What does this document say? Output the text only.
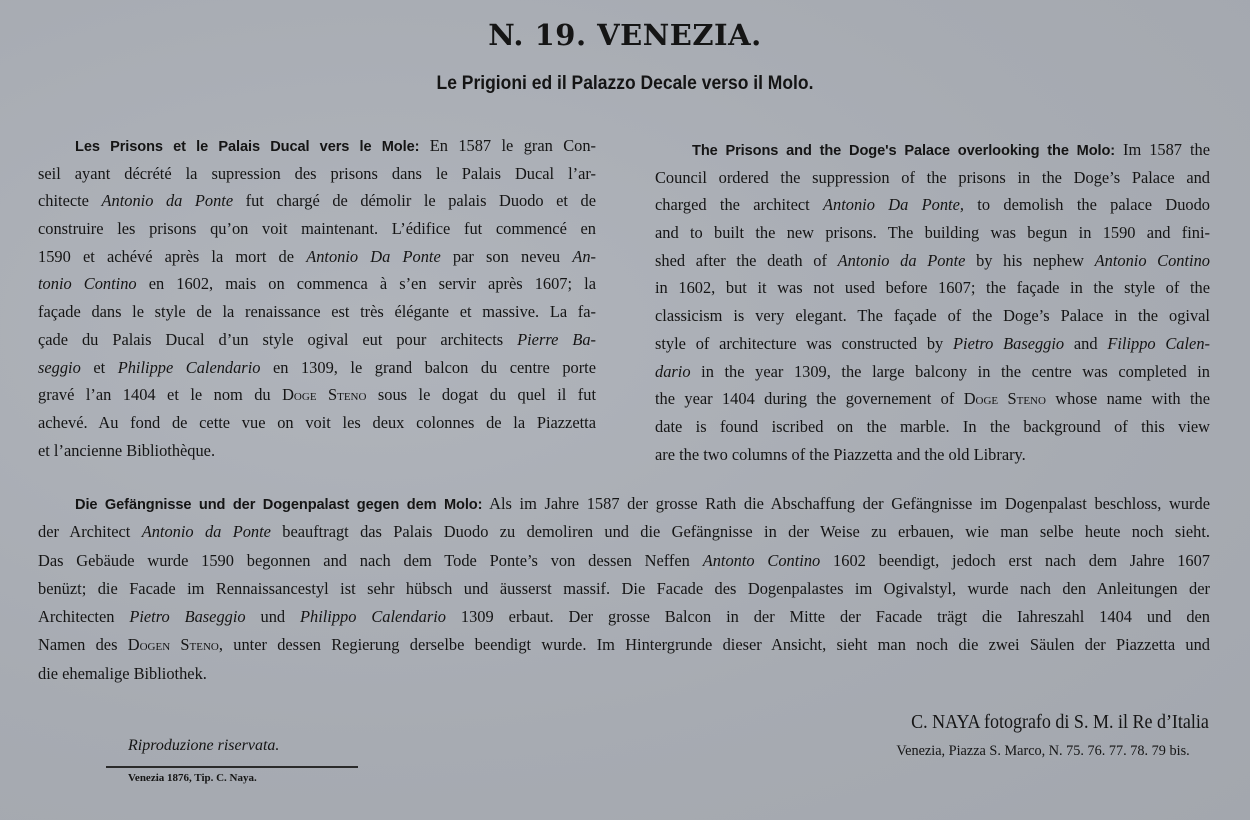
N. 19. VENEZIA.
Le Prigioni ed il Palazzo Decale verso il Molo.
Les Prisons et le Palais Ducal vers le Mole: En 1587 le gran Con-
seil ayant décrété la supression des prisons dans le Palais Ducal l’ar-
chitecte Antonio da Ponte fut chargé de démolir le palais Duodo et de
construire les prisons qu’on voit maintenant. L’édifice fut commencé en
1590 et achévé après la mort de Antonio Da Ponte par son neveu An-
tonio Contino en 1602, mais on commenca à s’en servir après 1607; la
façade dans le style de la renaissance est très élégante et massive. La fa-
çade du Palais Ducal d’un style ogival eut pour architects Pierre Ba-
seggio et Philippe Calendario en 1309, le grand balcon du centre porte
gravé l’an 1404 et le nom du Doge Steno sous le dogat du quel il fut
achevé. Au fond de cette vue on voit les deux colonnes de la Piazzetta
et l’ancienne Bibliothèque.
The Prisons and the Doge's Palace overlooking the Molo: Im 1587 the
Council ordered the suppression of the prisons in the Doge’s Palace and
charged the architect Antonio Da Ponte, to demolish the palace Duodo
and to built the new prisons. The building was begun in 1590 and fini-
shed after the death of Antonio da Ponte by his nephew Antonio Contino
in 1602, but it was not used before 1607; the façade in the style of the
classicism is very elegant. The façade of the Doge’s Palace in the ogival
style of architecture was constructed by Pietro Baseggio and Filippo Calen-
dario in the year 1309, the large balcony in the centre was completed in
the year 1404 during the governement of Doge Steno whose name with the
date is found iscribed on the marble. In the background of this view
are the two columns of the Piazzetta and the old Library.
Die Gefängnisse und der Dogenpalast gegen dem Molo: Als im Jahre 1587 der grosse Rath die Abschaffung der Gefängnisse im Dogenpalast beschloss, wurde
der Architect Antonio da Ponte beauftragt das Palais Duodo zu demoliren und die Gefängnisse in der Weise zu erbauen, wie man selbe heute noch sieht.
Das Gebäude wurde 1590 begonnen and nach dem Tode Ponte’s von dessen Neffen Antonto Contino 1602 beendigt, jedoch erst nach dem Jahre 1607
benüzt; die Facade im Rennaissancestyl ist sehr hübsch und äusserst massif. Die Facade des Dogenpalastes im Ogivalstyl, wurde nach den Anleitungen der
Architecten Pietro Baseggio und Philippo Calendario 1309 erbaut. Der grosse Balcon in der Mitte der Facade trägt die Iahreszahl 1404 und den
Namen des Dogen Steno, unter dessen Regierung derselbe beendigt wurde. Im Hintergrunde dieser Ansicht, sieht man noch die zwei Säulen der Piazzetta und
die ehemalige Bibliothek.
Riproduzione riservata.
Venezia 1876, Tip. C. Naya.
C. NAYA fotografo di S. M. il Re d’Italia
Venezia, Piazza S. Marco, N. 75. 76. 77. 78. 79 bis.
